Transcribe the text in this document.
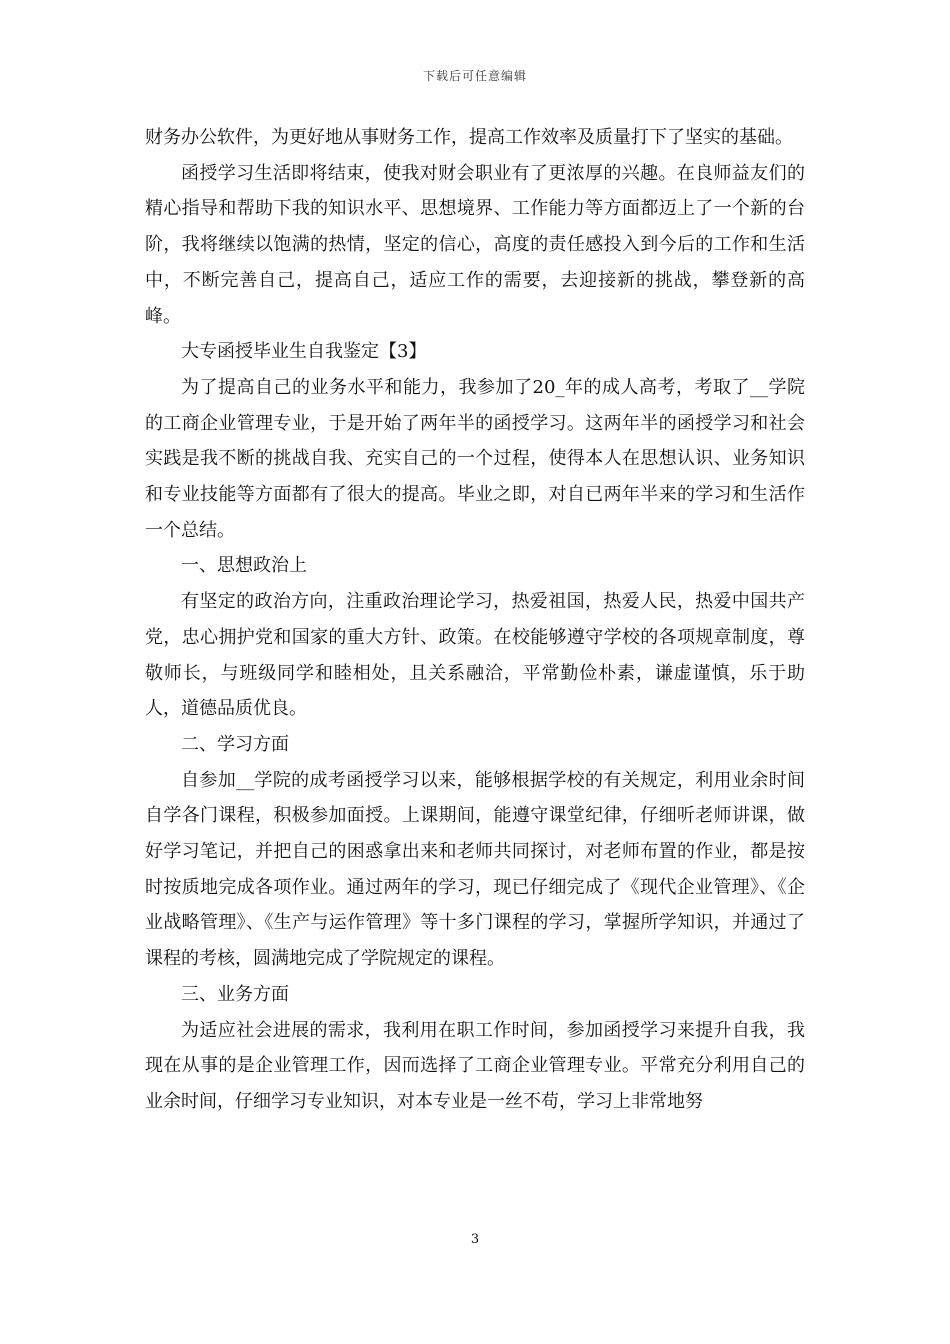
下载后可任意编辑

财务办公软件，为更好地从事财务工作，提高工作效率及质量打下了坚实的基础。

函授学习生活即将结束，使我对财会职业有了更浓厚的兴趣。在良师益友们的精心指导和帮助下我的知识水平、思想境界、工作能力等方面都迈上了一个新的台阶，我将继续以饱满的热情，坚定的信心，高度的责任感投入到今后的工作和生活中，不断完善自己，提高自己，适应工作的需要，去迎接新的挑战，攀登新的高峰。

大专函授毕业生自我鉴定【3】

为了提高自己的业务水平和能力，我参加了20_年的成人高考，考取了__学院的工商企业管理专业，于是开始了两年半的函授学习。这两年半的函授学习和社会实践是我不断的挑战自我、充实自己的一个过程，使得本人在思想认识、业务知识和专业技能等方面都有了很大的提高。毕业之即，对自已两年半来的学习和生活作一个总结。

一、思想政治上

有坚定的政治方向，注重政治理论学习，热爱祖国，热爱人民，热爱中国共产党，忠心拥护党和国家的重大方针、政策。在校能够遵守学校的各项规章制度，尊敬师长，与班级同学和睦相处，且关系融洽，平常勤俭朴素，谦虚谨慎，乐于助人，道德品质优良。

二、学习方面

自参加__学院的成考函授学习以来，能够根据学校的有关规定，利用业余时间自学各门课程，积极参加面授。上课期间，能遵守课堂纪律，仔细听老师讲课，做好学习笔记，并把自己的困惑拿出来和老师共同探讨，对老师布置的作业，都是按时按质地完成各项作业。通过两年的学习，现已仔细完成了《现代企业管理》、《企业战略管理》、《生产与运作管理》等十多门课程的学习，掌握所学知识，并通过了课程的考核，圆满地完成了学院规定的课程。

三、业务方面

为适应社会进展的需求，我利用在职工作时间，参加函授学习来提升自我，我现在从事的是企业管理工作，因而选择了工商企业管理专业。平常充分利用自己的业余时间，仔细学习专业知识，对本专业是一丝不苟，学习上非常地努

3
